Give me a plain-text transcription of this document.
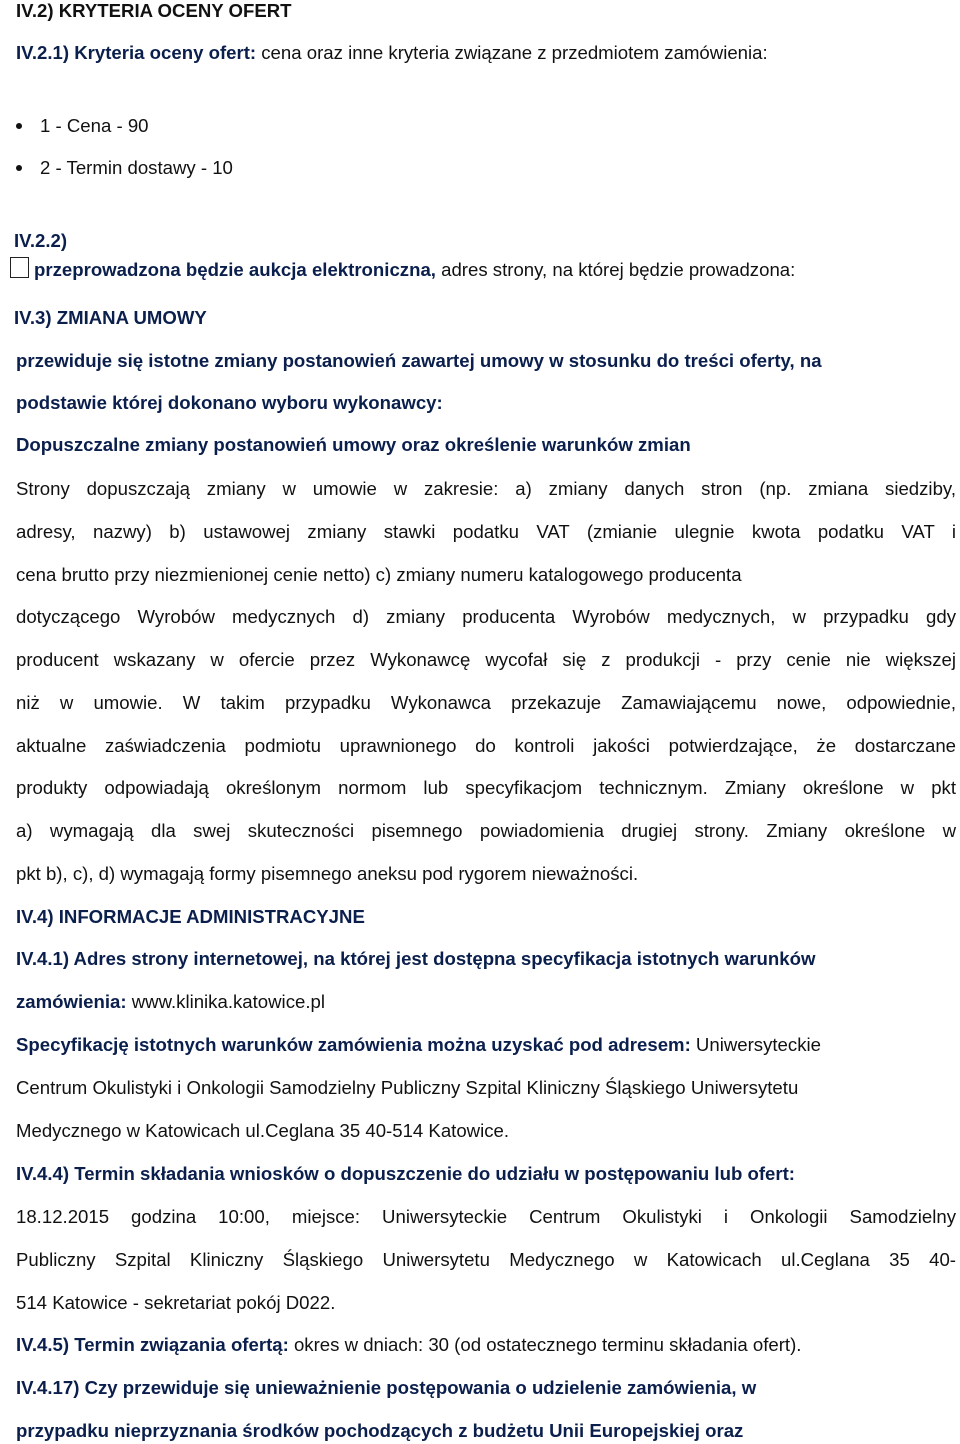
IV.2) KRYTERIA OCENY OFERT
IV.2.1) Kryteria oceny ofert: cena oraz inne kryteria związane z przedmiotem zamówienia:
1 - Cena - 90
2 - Termin dostawy - 10
IV.2.2)
przeprowadzona będzie aukcja elektroniczna, adres strony, na której będzie prowadzona:
IV.3) ZMIANA UMOWY
przewiduje się istotne zmiany postanowień zawartej umowy w stosunku do treści oferty, na
podstawie której dokonano wyboru wykonawcy:
Dopuszczalne zmiany postanowień umowy oraz określenie warunków zmian
Strony dopuszczają zmiany w umowie w zakresie: a) zmiany danych stron (np. zmiana siedziby,
adresy, nazwy) b) ustawowej zmiany stawki podatku VAT (zmianie ulegnie kwota podatku VAT i
cena brutto przy niezmienionej cenie netto) c) zmiany numeru katalogowego producenta
dotyczącego Wyrobów medycznych d) zmiany producenta Wyrobów medycznych, w przypadku gdy
producent wskazany w ofercie przez Wykonawcę wycofał się z produkcji - przy cenie nie większej
niż w umowie. W takim przypadku Wykonawca przekazuje Zamawiającemu nowe, odpowiednie,
aktualne zaświadczenia podmiotu uprawnionego do kontroli jakości potwierdzające, że dostarczane
produkty odpowiadają określonym normom lub specyfikacjom technicznym. Zmiany określone w pkt
a) wymagają dla swej skuteczności pisemnego powiadomienia drugiej strony. Zmiany określone w
pkt b), c), d) wymagają formy pisemnego aneksu pod rygorem nieważności.
IV.4) INFORMACJE ADMINISTRACYJNE
IV.4.1) Adres strony internetowej, na której jest dostępna specyfikacja istotnych warunków
zamówienia: www.klinika.katowice.pl
Specyfikację istotnych warunków zamówienia można uzyskać pod adresem: Uniwersyteckie
Centrum Okulistyki i Onkologii Samodzielny Publiczny Szpital Kliniczny Śląskiego Uniwersytetu
Medycznego w Katowicach ul.Ceglana 35 40-514 Katowice.
IV.4.4) Termin składania wniosków o dopuszczenie do udziału w postępowaniu lub ofert:
18.12.2015 godzina 10:00, miejsce: Uniwersyteckie Centrum Okulistyki i Onkologii Samodzielny
Publiczny Szpital Kliniczny Śląskiego Uniwersytetu Medycznego w Katowicach ul.Ceglana 35 40-
514 Katowice - sekretariat pokój D022.
IV.4.5) Termin związania ofertą: okres w dniach: 30 (od ostatecznego terminu składania ofert).
IV.4.17) Czy przewiduje się unieważnienie postępowania o udzielenie zamówienia, w
przypadku nieprzyznania środków pochodzących z budżetu Unii Europejskiej oraz
